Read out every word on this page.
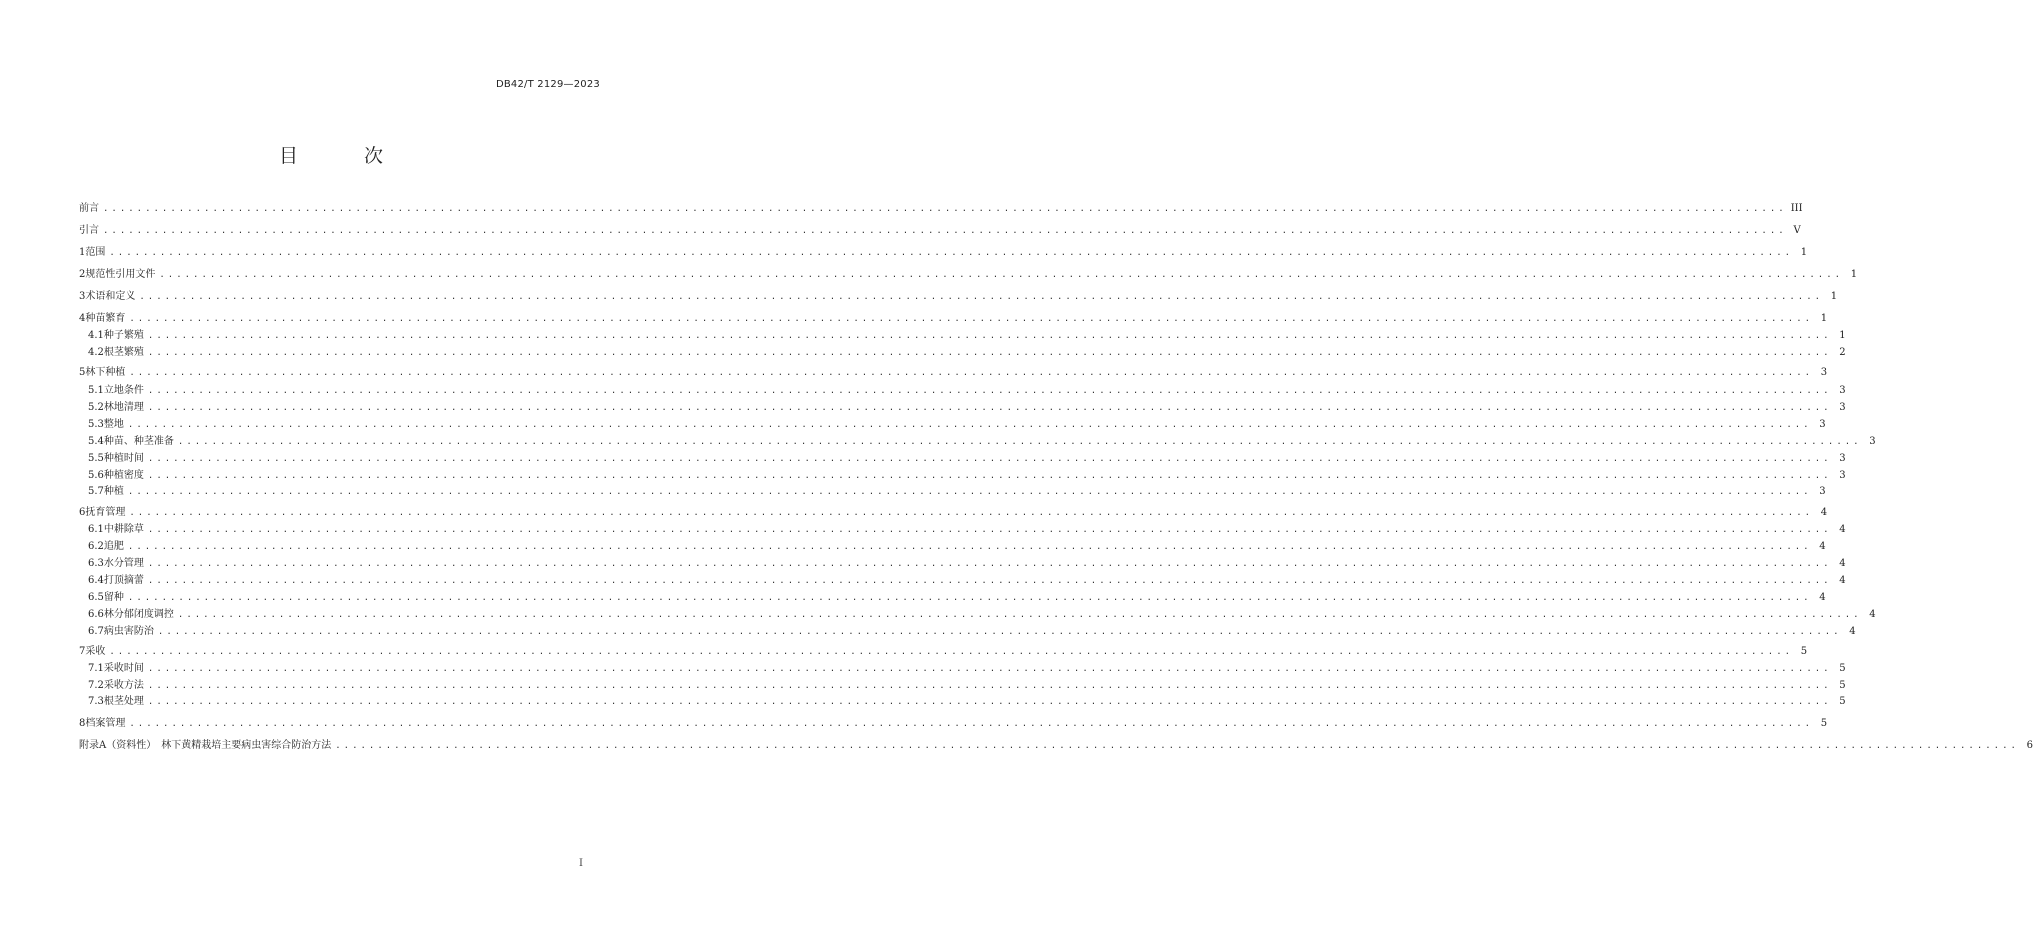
DB42/T 2129—2023
目 次
前言 ........................................................................................................................................................................................................ III
引言 ........................................................................................................................................................................................................ V
1 范围 ........................................................................................................................................................................................................ 1
2 规范性引用文件 ........................................................................................................................................................................................................ 1
3 术语和定义 ........................................................................................................................................................................................................ 1
4 种苗繁育 ........................................................................................................................................................................................................ 1
4.1 种子繁殖 ........................................................................................................................................................................................................ 1
4.2 根茎繁殖 ........................................................................................................................................................................................................ 2
5 林下种植 ........................................................................................................................................................................................................ 3
5.1 立地条件 ........................................................................................................................................................................................................ 3
5.2 林地清理 ........................................................................................................................................................................................................ 3
5.3 整地 ........................................................................................................................................................................................................ 3
5.4 种苗、种茎准备 ........................................................................................................................................................................................................ 3
5.5 种植时间 ........................................................................................................................................................................................................ 3
5.6 种植密度 ........................................................................................................................................................................................................ 3
5.7 种植 ........................................................................................................................................................................................................ 3
6 抚育管理 ........................................................................................................................................................................................................ 4
6.1 中耕除草 ........................................................................................................................................................................................................ 4
6.2 追肥 ........................................................................................................................................................................................................ 4
6.3 水分管理 ........................................................................................................................................................................................................ 4
6.4 打顶摘蕾 ........................................................................................................................................................................................................ 4
6.5 留种 ........................................................................................................................................................................................................ 4
6.6 林分郁闭度调控 ........................................................................................................................................................................................................ 4
6.7 病虫害防治 ........................................................................................................................................................................................................ 4
7 采收 ........................................................................................................................................................................................................ 5
7.1 采收时间 ........................................................................................................................................................................................................ 5
7.2 采收方法 ........................................................................................................................................................................................................ 5
7.3 根茎处理 ........................................................................................................................................................................................................ 5
8 档案管理 ........................................................................................................................................................................................................ 5
附录A（资料性）　林下黄精栽培主要病虫害综合防治方法 ........................................................................................................................................................................................................ 6
I
